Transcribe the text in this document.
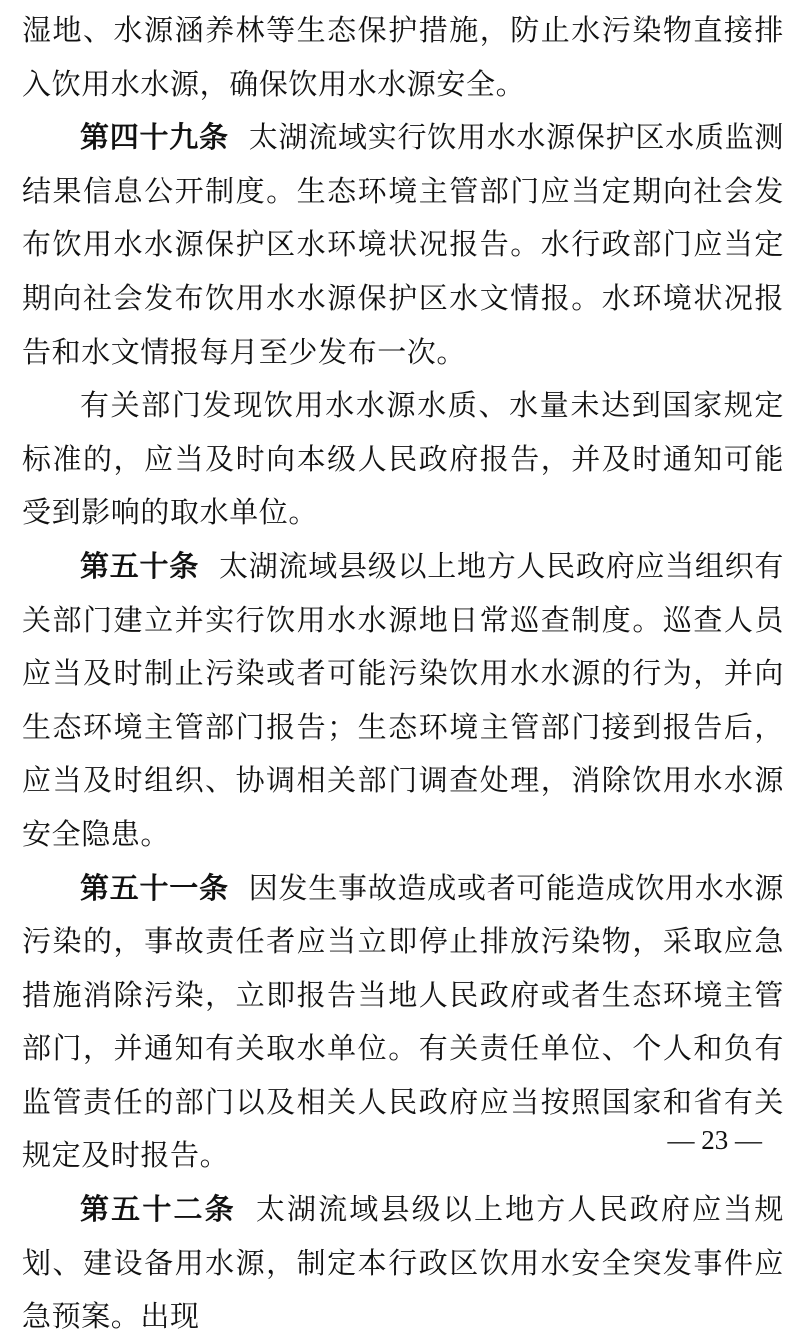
湿地、水源涵养林等生态保护措施，防止水污染物直接排入饮用水水源，确保饮用水水源安全。

第四十九条 太湖流域实行饮用水水源保护区水质监测结果信息公开制度。生态环境主管部门应当定期向社会发布饮用水水源保护区水环境状况报告。水行政部门应当定期向社会发布饮用水水源保护区水文情报。水环境状况报告和水文情报每月至少发布一次。

有关部门发现饮用水水源水质、水量未达到国家规定标准的，应当及时向本级人民政府报告，并及时通知可能受到影响的取水单位。

第五十条 太湖流域县级以上地方人民政府应当组织有关部门建立并实行饮用水水源地日常巡查制度。巡查人员应当及时制止污染或者可能污染饮用水水源的行为，并向生态环境主管部门报告；生态环境主管部门接到报告后，应当及时组织、协调相关部门调查处理，消除饮用水水源安全隐患。

第五十一条 因发生事故造成或者可能造成饮用水水源污染的，事故责任者应当立即停止排放污染物，采取应急措施消除污染，立即报告当地人民政府或者生态环境主管部门，并通知有关取水单位。有关责任单位、个人和负有监管责任的部门以及相关人民政府应当按照国家和省有关规定及时报告。

第五十二条 太湖流域县级以上地方人民政府应当规划、建设备用水源，制定本行政区饮用水安全突发事件应急预案。出现

— 23 —
